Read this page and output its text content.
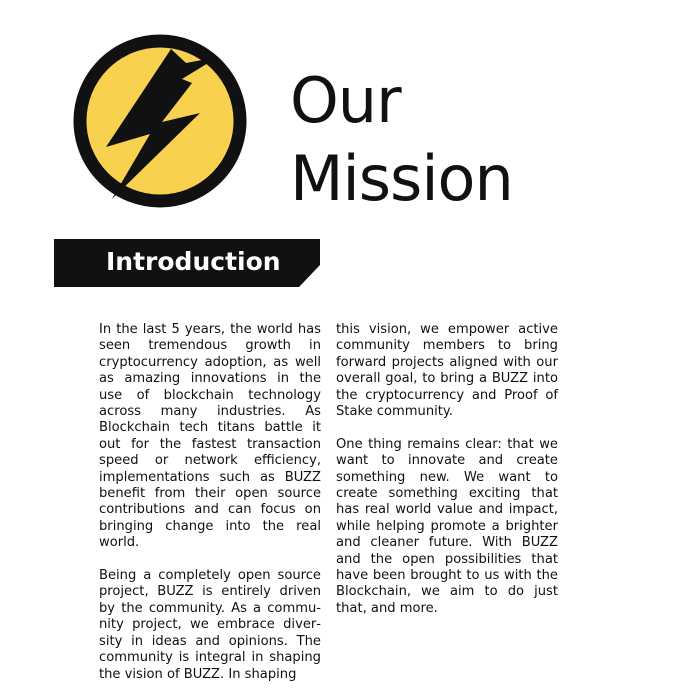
Our
Mission
Introduction

In the last 5 years, the world has seen tremendous growth in cryptocurrency adoption, as well as amazing innovations in the use of blockchain technology across many industries. As Blockchain tech titans battle it out for the fastest transaction speed or network efficiency, implementations such as BUZZ benefit from their open source contributions and can focus on bringing change into the real world.

Being a completely open source project, BUZZ is entirely driven by the community. As a community project, we embrace diversity in ideas and opinions. The community is integral in shaping the vision of BUZZ. In shaping

this vision, we empower active community members to bring forward projects aligned with our overall goal, to bring a BUZZ into the cryptocurrency and Proof of Stake community.

One thing remains clear: that we want to innovate and create something new. We want to create something exciting that has real world value and impact, while helping promote a brighter and cleaner future. With BUZZ and the open possibilities that have been brought to us with the Blockchain, we aim to do just that, and more.
